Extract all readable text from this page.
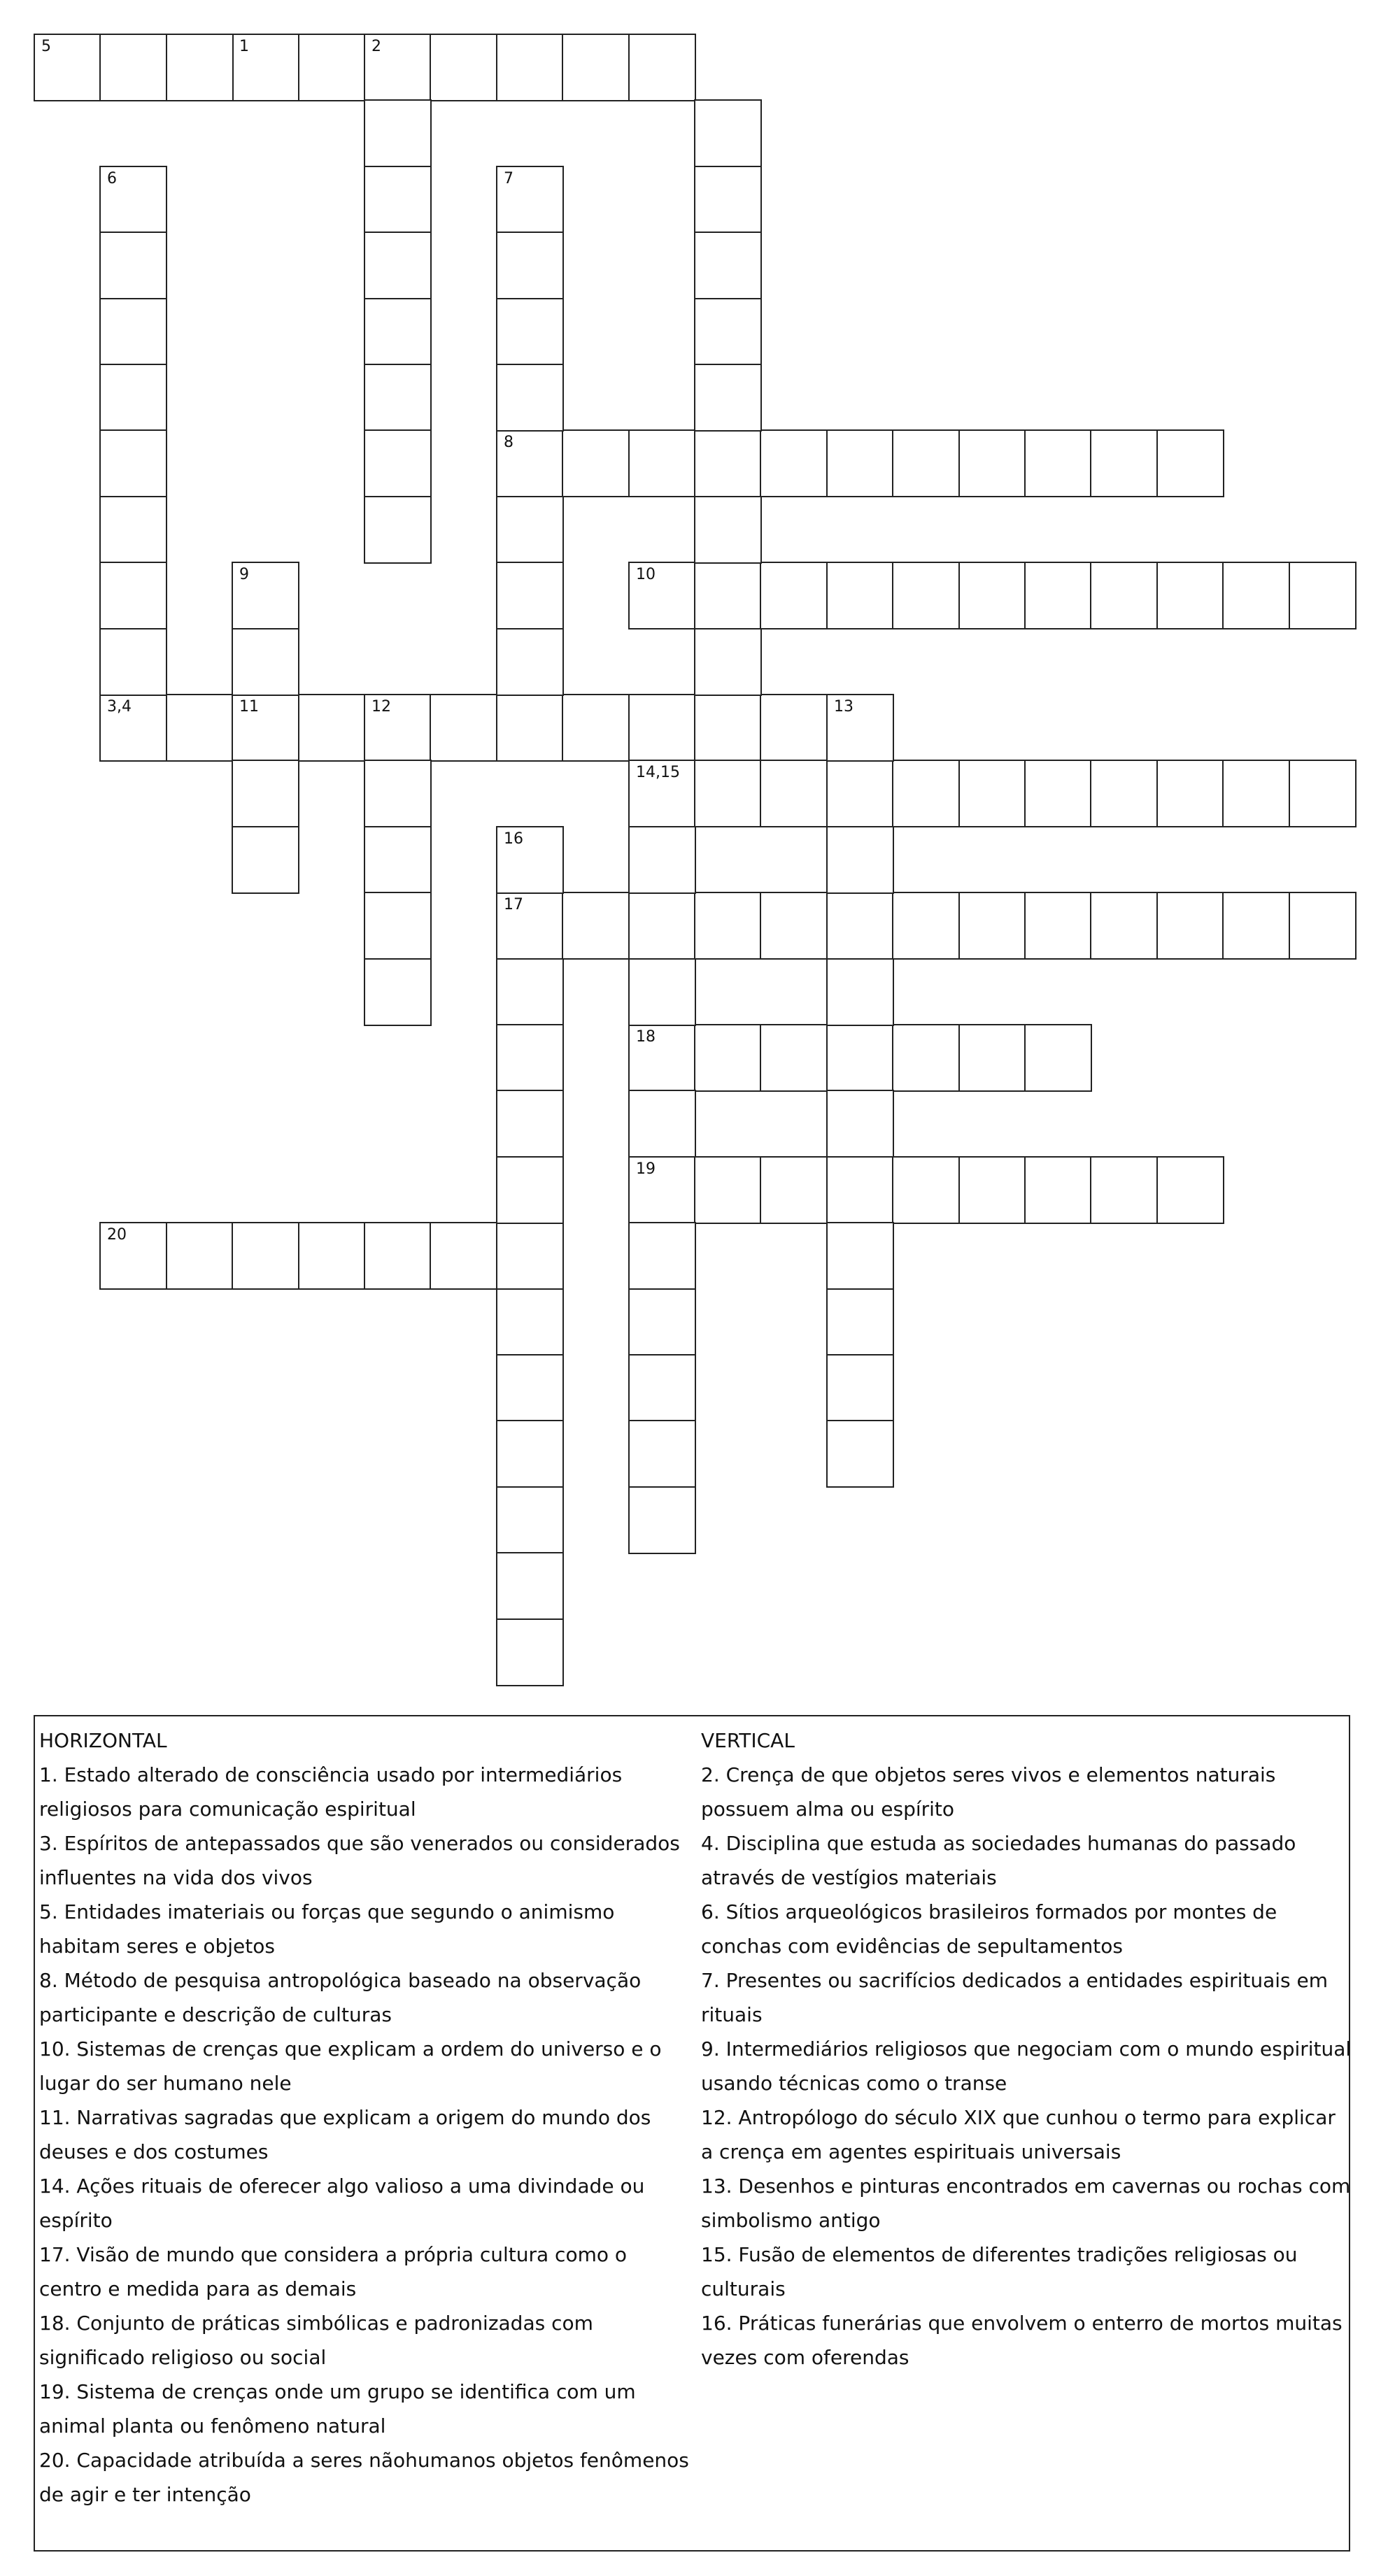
1	2
3,4	11	12
5
8
10
14,15
17
18
19
20
6	7
9
13
16
HORIZONTAL

1. Estado alterado de consciência usado por intermediários religiosos para comunicação espiritual

3. Espíritos de antepassados que são venerados ou considerados influentes na vida dos vivos

5. Entidades imateriais ou forças que segundo o animismo habitam seres e objetos

8. Método de pesquisa antropológica baseado na observação participante e descrição de culturas

10. Sistemas de crenças que explicam a ordem do universo e o lugar do ser humano nele

11. Narrativas sagradas que explicam a origem do mundo dos deuses e dos costumes

14. Ações rituais de oferecer algo valioso a uma divindade ou espírito

17. Visão de mundo que considera a própria cultura como o centro e medida para as demais

18. Conjunto de práticas simbólicas e padronizadas com significado religioso ou social

19. Sistema de crenças onde um grupo se identifica com um animal planta ou fenômeno natural

20. Capacidade atribuída a seres nãohumanos objetos fenômenos de agir e ter intenção

VERTICAL

2. Crença de que objetos seres vivos e elementos naturais possuem alma ou espírito

4. Disciplina que estuda as sociedades humanas do passado através de vestígios materiais

6. Sítios arqueológicos brasileiros formados por montes de conchas com evidências de sepultamentos

7. Presentes ou sacrifícios dedicados a entidades espirituais em rituais

9. Intermediários religiosos que negociam com o mundo espiritual usando técnicas como o transe

12. Antropólogo do século XIX que cunhou o termo para explicar a crença em agentes espirituais universais

13. Desenhos e pinturas encontrados em cavernas ou rochas com simbolismo antigo

15. Fusão de elementos de diferentes tradições religiosas ou culturais

16. Práticas funerárias que envolvem o enterro de mortos muitas vezes com oferendas
